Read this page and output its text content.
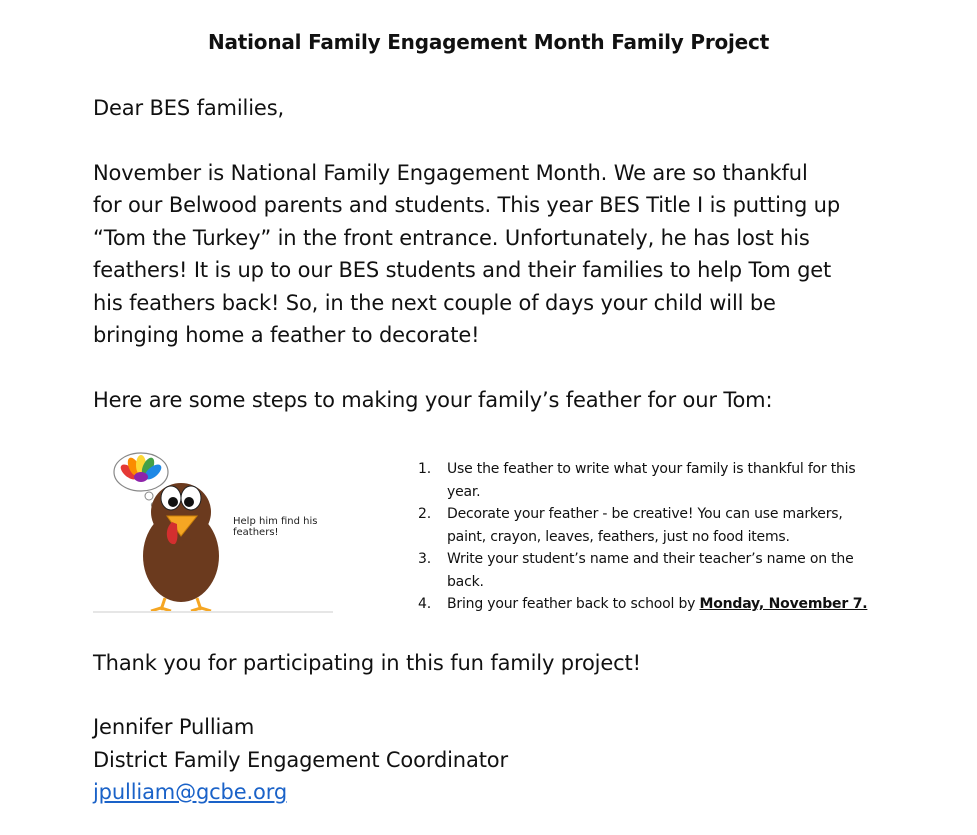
National Family Engagement Month Family Project
Dear BES families,
November is National Family Engagement Month. We are so thankful
for our Belwood parents and students. This year BES Title I is putting up
“Tom the Turkey” in the front entrance. Unfortunately, he has lost his
feathers! It is up to our BES students and their families to help Tom get
his feathers back! So, in the next couple of days your child will be
bringing home a feather to decorate!
Here are some steps to making your family’s feather for our Tom:
Help him find his feathers!
1. Use the feather to write what your family is thankful for this
year.
2. Decorate your feather - be creative! You can use markers,
paint, crayon, leaves, feathers, just no food items.
3. Write your student’s name and their teacher’s name on the
back.
4. Bring your feather back to school by Monday, November 7.
Thank you for participating in this fun family project!
Jennifer Pulliam
District Family Engagement Coordinator
jpulliam@gcbe.org
